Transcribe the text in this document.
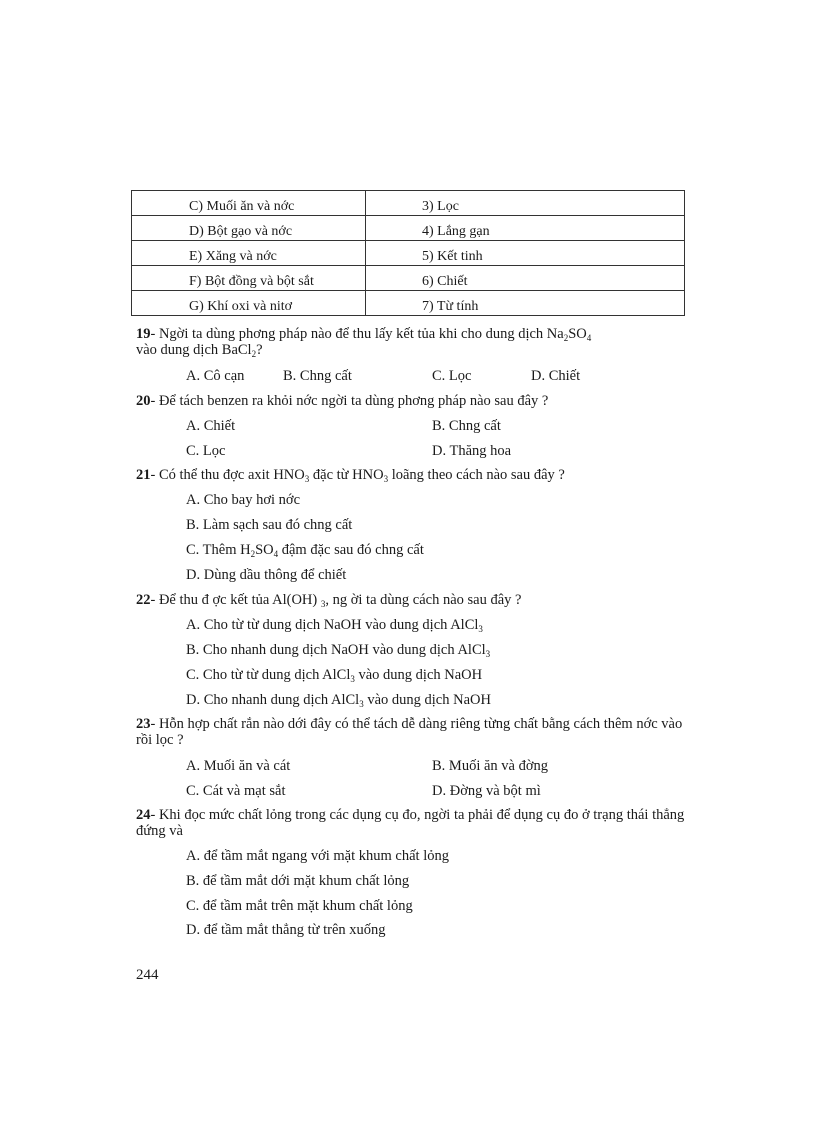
C) Muối ăn và nớc	3) Lọc
D) Bột gạo và nớc	4) Lắng gạn
E) Xăng và nớc	5) Kết tinh
F) Bột đồng và bột sắt	6) Chiết
G) Khí oxi và nitơ	7) Từ tính
19- Ngời ta dùng phơng pháp nào để thu lấy kết tủa khi cho dung dịch $Na_2SO_4$
vào dung dịch BaCl$_2$?
A. Cô cạn	B. Chng cất	C. Lọc	D. Chiết
20- Để tách benzen ra khỏi nớc ngời ta dùng phơng pháp nào sau đây ?
A. Chiết	B. Chng cất
C. Lọc	D. Thăng hoa
21- Có thể thu đợc axit $HNO_3$ đặc từ $HNO_3$ loãng theo cách nào sau đây ?
A. Cho bay hơi nớc
B. Làm sạch sau đó chng cất
C. Thêm $H_2SO_4$ đậm đặc sau đó chng cất
D. Dùng dầu thông để chiết
22- Để thu đ ợc kết tủa Al(OH) $_3$, ng ời ta dùng cách nào sau đây ?
A. Cho từ từ dung dịch NaOH vào dung dịch AlCl$_3$
B. Cho nhanh dung dịch NaOH vào dung dịch AlCl$_3$
C. Cho từ từ dung dịch AlCl$_3$ vào dung dịch NaOH
D. Cho nhanh dung dịch AlCl$_3$ vào dung dịch NaOH
23- Hỗn hợp chất rắn nào dới đây có thể tách dễ dàng riêng từng chất bằng cách thêm nớc vào rồi lọc ?
A. Muối ăn và cát	B. Muối ăn và đờng
C. Cát và mạt sắt	D. Đờng và bột mì
24- Khi đọc mức chất lỏng trong các dụng cụ đo, ngời ta phải để dụng cụ đo ở trạng thái thẳng đứng và
A. để tầm mắt ngang với mặt khum chất lỏng
B. để tầm mắt dới mặt khum chất lỏng
C. để tầm mắt trên mặt khum chất lỏng
D. để tầm mắt thẳng từ trên xuống
244
